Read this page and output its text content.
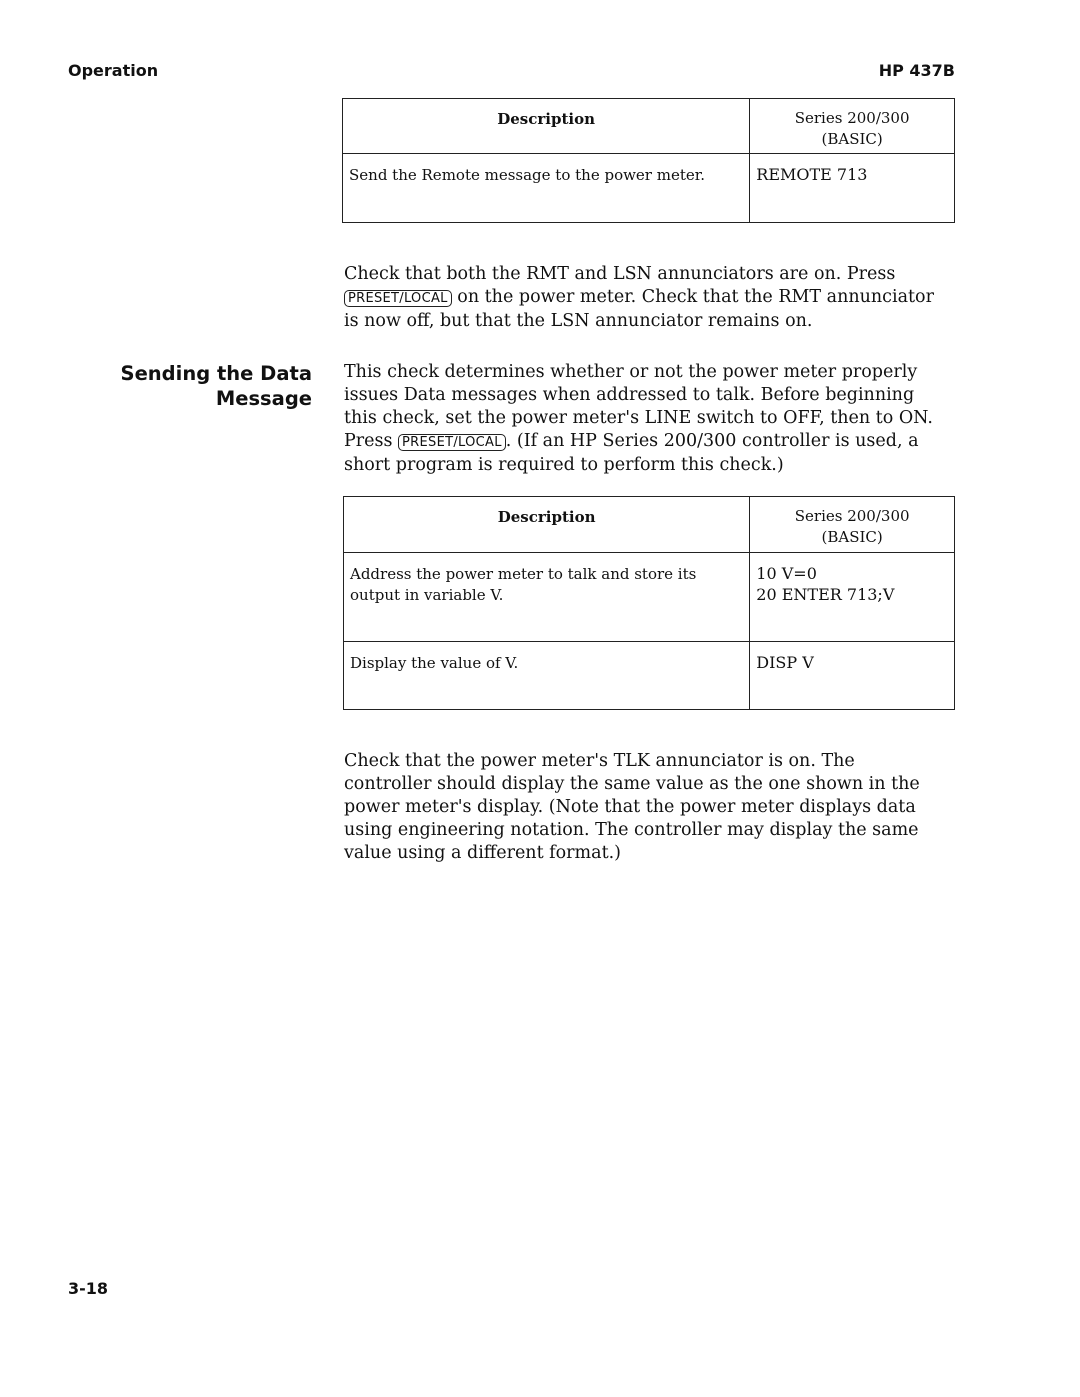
Operation	HP 437B
Description	Series 200/300
(BASIC)

Send the Remote message to the power meter.	REMOTE 713

Check that both the RMT and LSN annunciators are on. Press PRESET/LOCAL on the power meter. Check that the RMT annunciator is now off, but that the LSN annunciator remains on.

Sending the Data
Message

This check determines whether or not the power meter properly issues Data messages when addressed to talk. Before beginning this check, set the power meter's LINE switch to OFF, then to ON. Press PRESET/LOCAL . (If an HP Series 200/300 controller is used, a short program is required to perform this check.)

Description	Series 200/300
(BASIC)

Address the power meter to talk and store its output in variable V.	10 V=0
20 ENTER 713;V

Display the value of V.	DISP V

Check that the power meter's TLK annunciator is on. The controller should display the same value as the one shown in the power meter's display. (Note that the power meter displays data using engineering notation. The controller may display the same value using a different format.)

3-18
